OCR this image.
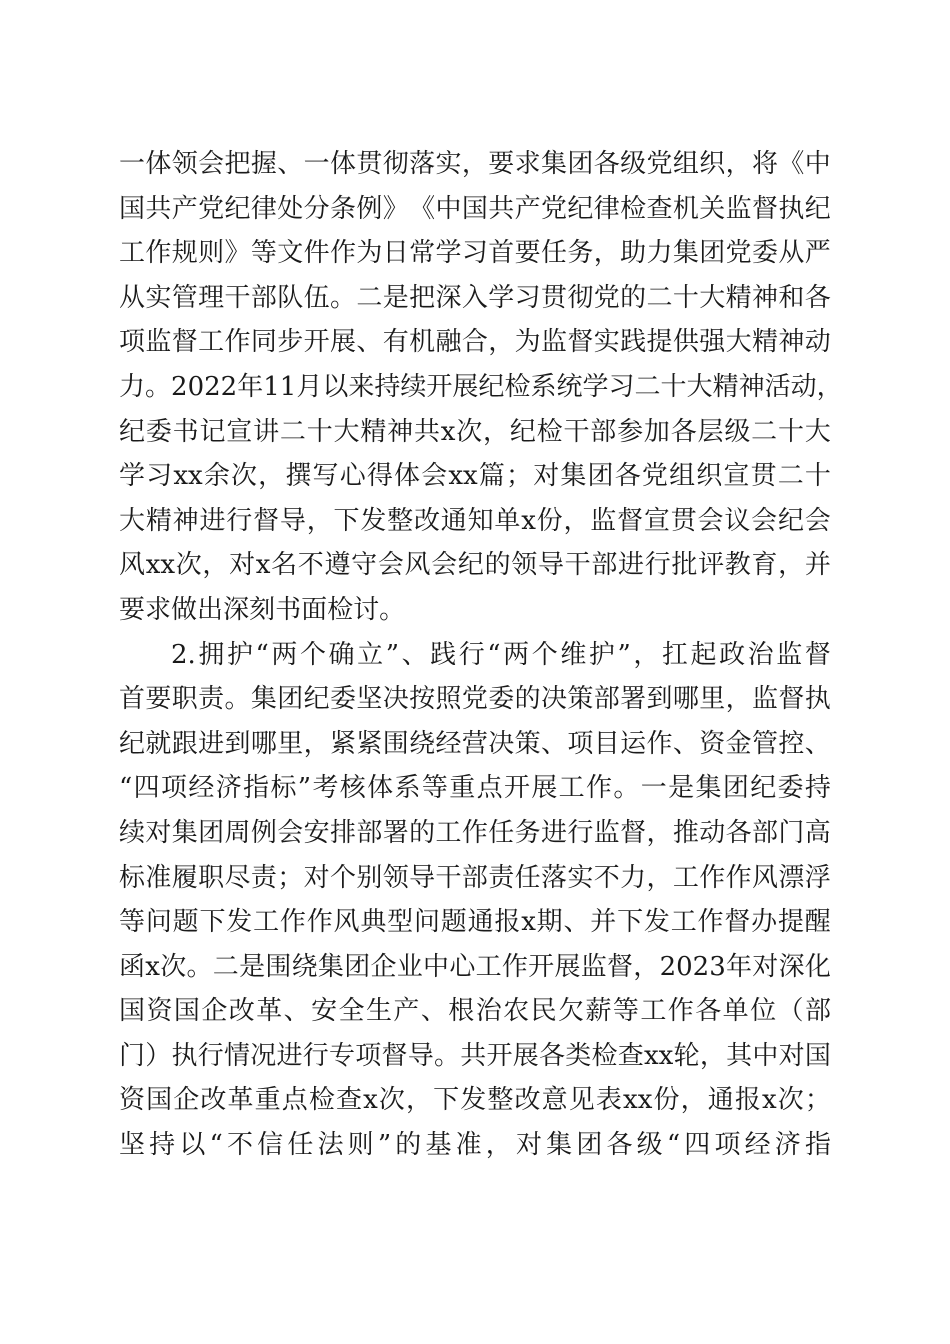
一 体 领 会 把 握 、 一 体 贯 彻 落 实 ， 要 求 集 团 各 级 党 组 织 ， 将 《 中
国 共 产 党 纪 律 处 分 条 例 》 《 中 国 共 产 党 纪 律 检 查 机 关 监 督 执 纪
工 作 规 则 》 等 文 件 作 为 日 常 学 习 首 要 任 务 ， 助 力 集 团 党 委 从 严
从 实 管 理 干 部 队 伍 。 二 是 把 深 入 学 习 贯 彻 党 的 二 十 大 精 神 和 各
项 监 督 工 作 同 步 开 展 、 有 机 融 合 ， 为 监 督 实 践 提 供 强 大 精 神 动
力 。 2022 年 11 月 以 来 持 续 开 展 纪 检 系 统 学 习 二 十 大 精 神 活 动 ，
纪 委 书 记 宣 讲 二 十 大 精 神 共 x 次 ， 纪 检 干 部 参 加 各 层 级 二 十 大
学 习 xx 余 次 ， 撰 写 心 得 体 会 xx 篇 ； 对 集 团 各 党 组 织 宣 贯 二 十
大 精 神 进 行 督 导 ， 下 发 整 改 通 知 单 x 份 ， 监 督 宣 贯 会 议 会 纪 会
风 xx 次 ， 对 x 名 不 遵 守 会 风 会 纪 的 领 导 干 部 进 行 批 评 教 育 ， 并
要 求 做 出 深 刻 书 面 检 讨 。
2. 拥 护 “ 两 个 确 立 ” 、 践 行 “ 两 个 维 护 ” ， 扛 起 政 治 监 督
首 要 职 责 。 集 团 纪 委 坚 决 按 照 党 委 的 决 策 部 署 到 哪 里 ， 监 督 执
纪 就 跟 进 到 哪 里 ， 紧 紧 围 绕 经 营 决 策 、 项 目 运 作 、 资 金 管 控 、
“ 四 项 经 济 指 标 ” 考 核 体 系 等 重 点 开 展 工 作 。 一 是 集 团 纪 委 持
续 对 集 团 周 例 会 安 排 部 署 的 工 作 任 务 进 行 监 督 ， 推 动 各 部 门 高
标 准 履 职 尽 责 ； 对 个 别 领 导 干 部 责 任 落 实 不 力 ， 工 作 作 风 漂 浮
等 问 题 下 发 工 作 作 风 典 型 问 题 通 报 x 期 、 并 下 发 工 作 督 办 提 醒
函 x 次 。 二 是 围 绕 集 团 企 业 中 心 工 作 开 展 监 督 ， 2023 年 对 深 化
国 资 国 企 改 革 、 安 全 生 产 、 根 治 农 民 欠 薪 等 工 作 各 单 位 （ 部
门 ） 执 行 情 况 进 行 专 项 督 导 。 共 开 展 各 类 检 查 xx 轮 ， 其 中 对 国
资 国 企 改 革 重 点 检 查 x 次 ， 下 发 整 改 意 见 表 xx 份 ， 通 报 x 次 ；
坚 持 以 “ 不 信 任 法 则 ” 的 基 准 ， 对 集 团 各 级 “ 四 项 经 济 指
